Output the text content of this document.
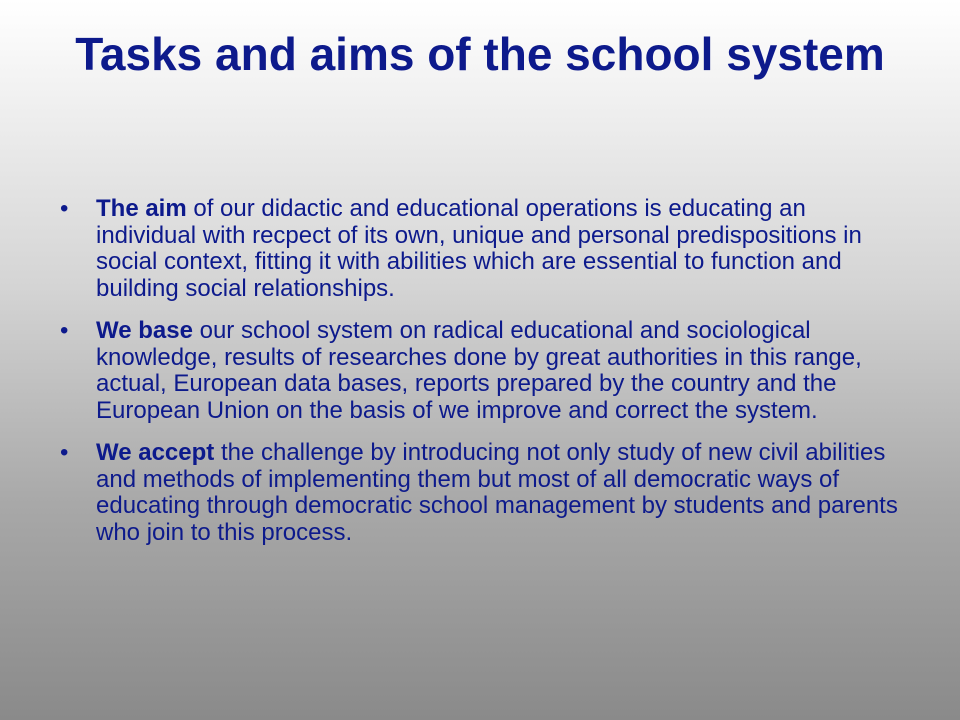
Tasks and aims of the school system
•	The aim of our didactic and educational operations is educating an individual with recpect of its own, unique and personal predispositions in social context, fitting it with abilities which are essential to function and building social relationships.
•	We base our school system on radical educational and sociological knowledge, results of researches done by great authorities in this range, actual, European data bases, reports prepared by the country and the European Union on the basis of we improve and correct the system.
•	We accept the challenge by introducing not only study of new civil abilities and methods of implementing them but most of all democratic ways of educating through democratic school management by students and parents who join to this process.
